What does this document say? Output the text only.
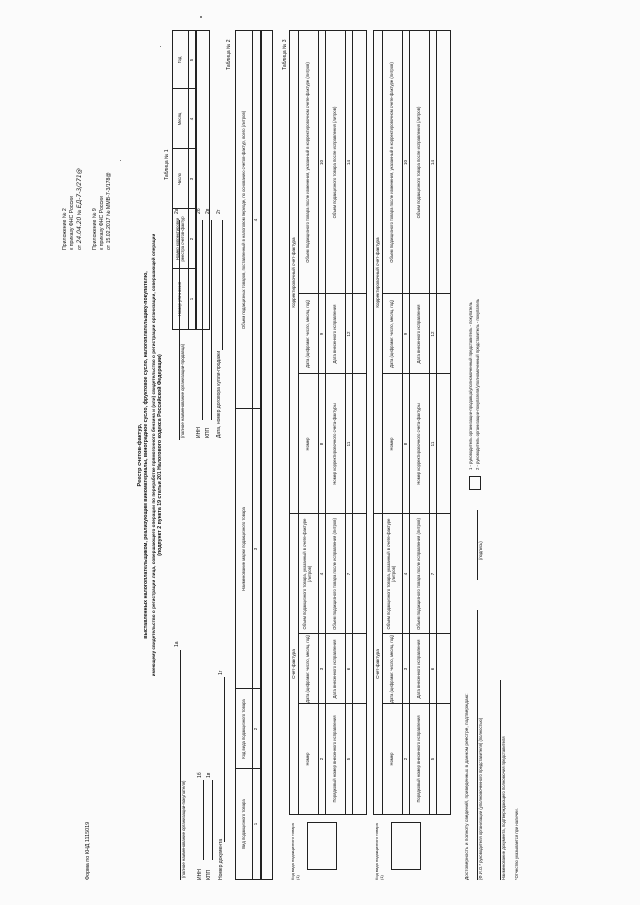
Приложение № 2 к приказу ФНС России от 24.04.20 № ЕД-7-3/271@
Приложение № 9 к приказу ФНС России от 15.02.2017 № ММВ-7-3/178@
Форма по КНД 1115019
Реестр счетов-фактур, выставленных налогоплательщиком, реализующим виноматериалы, виноградное сусло, фруктовое сусло, налогоплательщику-покупателю, имеющему свидетельство о регистрации лица, совершающего операции по переработке прямогонного бензина и (или) свидетельство о регистрации организации, совершающей операции (подпункт 2 пункта 19 статьи 201 Налогового кодекса Российской Федерации)
(полное наименование организации-покупателя)
1а
ИНН
1б
КПП
1в
Номер документа
1г
(полное наименование организации-продавца)
2а
ИНН
2б
КПП
2в
Дата, номер договора купли-продажи
2г
Таблица № 1
Номер уточнения
Номер корректировки реестра счетов-фактур
Число
Месяц
Год
1
2
3
4
5	Таблица № 2
Вид подакцизного товара
Код вида подакцизного товара
Наименование марки подакцизного товара
Объем подакцизных товаров, поставленный в налоговом периоде, по основанию счетов-фактур, всего (литров)
1
2
3
4
Таблица № 3
Код вида подакцизного товара (1)
Счет-фактура
Корректировочный счет-фактура
Номер
Дата (цифрами: число, месяц, год)
Объем подакцизного товара, указанный в счете-фактуре (литров)
Номер
Дата (цифрами: число, месяц, год)
Объем подакцизного товара после изменения, указанный в корректировочном счете-фактуре (литров)
2
3
4
8
9
10
Порядковый номер внесенного исправления
Дата внесенного исправления
Объем подакцизного товара после исправления (литров)
Номер корректировочного счета-фактуры
Дата внесенного исправления
Объем подакцизного товара после исправления (литров)
5
6
7
11
12
14
Код вида подакцизного товара (1)
Счет-фактура
Корректировочный счет-фактура
Номер
Дата (цифрами: число, месяц, год)
Объем подакцизного товара, указанный в счете-фактуре (литров)
Номер
Дата (цифрами: число, месяц, год)
Объем подакцизного товара после изменения, указанный в корректировочном счете-фактуре (литров)
2
3
4
8
9
10
Порядковый номер внесенного исправления
Дата внесенного исправления
Объем подакцизного товара после исправления (литров)
Номер корректировочного счета-фактуры
Дата внесенного исправления
Объем подакцизного товара после исправления (литров)
5
6
7
11
12
14
Достоверность и полноту сведений, приведенных в данном реестре, подтверждаю: (Ф.И.О.* руководителя организации (уполномоченного представителя) (полностью)
(подпись)
1 - руководитель организации-продавца/уполномоченный представитель - покупатель 2 - руководитель организации-покупателя/уполномоченный представитель - покупатель
Наименование документа, подтверждающего полномочия представителя *Отчество указывается при наличии.
